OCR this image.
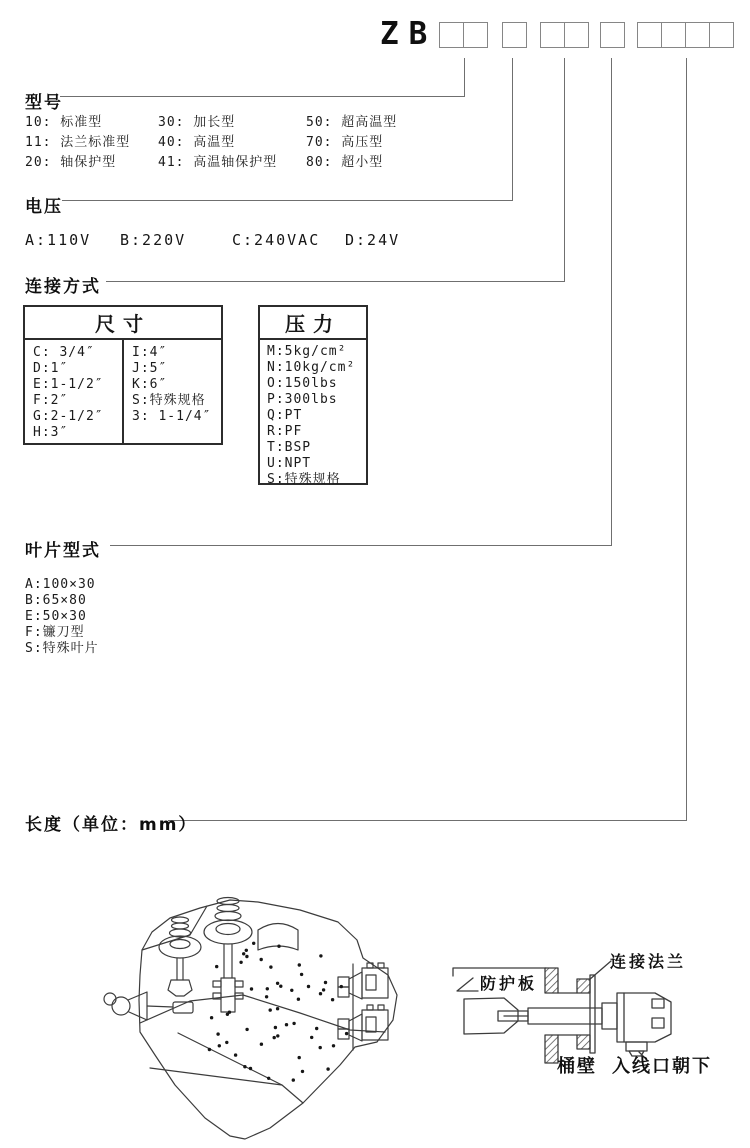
ZB
型号
10: 标准型	30: 加长型	50: 超高温型
11: 法兰标准型	40: 高温型	70: 高压型
20: 轴保护型	41: 高温轴保护型	80: 超小型
电压
A:110V B:220V	C:240VAC D:24V
连接方式
尺寸
C: 3/4″
D:1″
E:1-1/2″
F:2″
G:2-1/2″
H:3″
I:4″
J:5″
K:6″
S:特殊规格
3: 1-1/4″
压力
M:5kg/cm²
N:10kg/cm²
O:150lbs
P:300lbs
Q:PT
R:PF
T:BSP
U:NPT
S:特殊规格
叶片型式
A:100×30
B:65×80
E:50×30
F:镰刀型
S:特殊叶片
长度（单位：mm）
连接法兰
防护板
桶壁 入线口朝下
